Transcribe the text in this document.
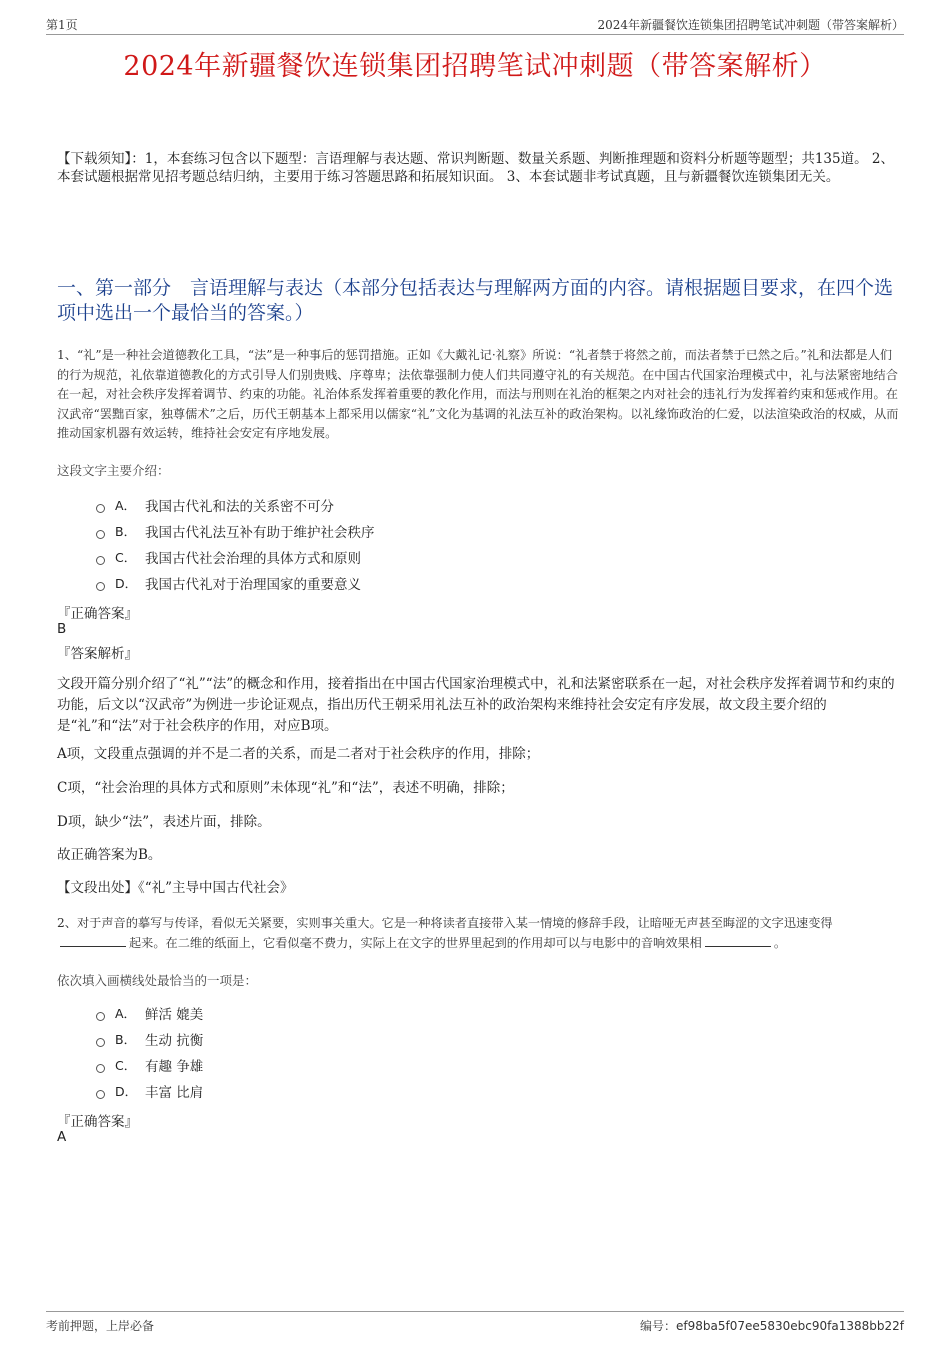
第1页	2024年新疆餐饮连锁集团招聘笔试冲刺题（带答案解析）
2024年新疆餐饮连锁集团招聘笔试冲刺题（带答案解析）
【下载须知】：1，本套练习包含以下题型：言语理解与表达题、常识判断题、数量关系题、判断推理题和资料分析题等题型；共135道。 2、本套试题根据常见招考题总结归纳，主要用于练习答题思路和拓展知识面。 3、本套试题非考试真题，且与新疆餐饮连锁集团无关。
一、第一部分　言语理解与表达（本部分包括表达与理解两方面的内容。请根据题目要求，在四个选项中选出一个最恰当的答案。）
1、“礼”是一种社会道德教化工具，“法”是一种事后的惩罚措施。正如《大戴礼记·礼察》所说：“礼者禁于将然之前，而法者禁于已然之后。”礼和法都是人们的行为规范，礼依靠道德教化的方式引导人们别贵贱、序尊卑；法依靠强制力使人们共同遵守礼的有关规范。在中国古代国家治理模式中，礼与法紧密地结合在一起，对社会秩序发挥着调节、约束的功能。礼治体系发挥着重要的教化作用，而法与刑则在礼治的框架之内对社会的违礼行为发挥着约束和惩戒作用。在汉武帝“罢黜百家，独尊儒术”之后，历代王朝基本上都采用以儒家“礼”文化为基调的礼法互补的政治架构。以礼缘饰政治的仁爱，以法渲染政治的权威，从而推动国家机器有效运转，维持社会安定有序地发展。
这段文字主要介绍：
A． 我国古代礼和法的关系密不可分
B． 我国古代礼法互补有助于维护社会秩序
C． 我国古代社会治理的具体方式和原则
D． 我国古代礼对于治理国家的重要意义
『正确答案』
B
『答案解析』
文段开篇分别介绍了“礼”“法”的概念和作用，接着指出在中国古代国家治理模式中，礼和法紧密联系在一起，对社会秩序发挥着调节和约束的功能，后文以“汉武帝”为例进一步论证观点，指出历代王朝采用礼法互补的政治架构来维持社会安定有序发展，故文段主要介绍的是“礼”和“法”对于社会秩序的作用，对应B项。
A项，文段重点强调的并不是二者的关系，而是二者对于社会秩序的作用，排除；
C项，“社会治理的具体方式和原则”未体现“礼”和“法”，表述不明确，排除；
D项，缺少“法”，表述片面，排除。
故正确答案为B。
【文段出处】《“礼”主导中国古代社会》
2、对于声音的摹写与传译，看似无关紧要，实则事关重大。它是一种将读者直接带入某一情境的修辞手段，让暗哑无声甚至晦涩的文字迅速变得起来。在二维的纸面上，它看似毫不费力，实际上在文字的世界里起到的作用却可以与电影中的音响效果相	。
依次填入画横线处最恰当的一项是：
A． 鲜活 媲美
B． 生动 抗衡
C． 有趣 争雄
D． 丰富 比肩
『正确答案』
A
考前押题，上岸必备	编号：ef98ba5f07ee5830ebc90fa1388bb22f
